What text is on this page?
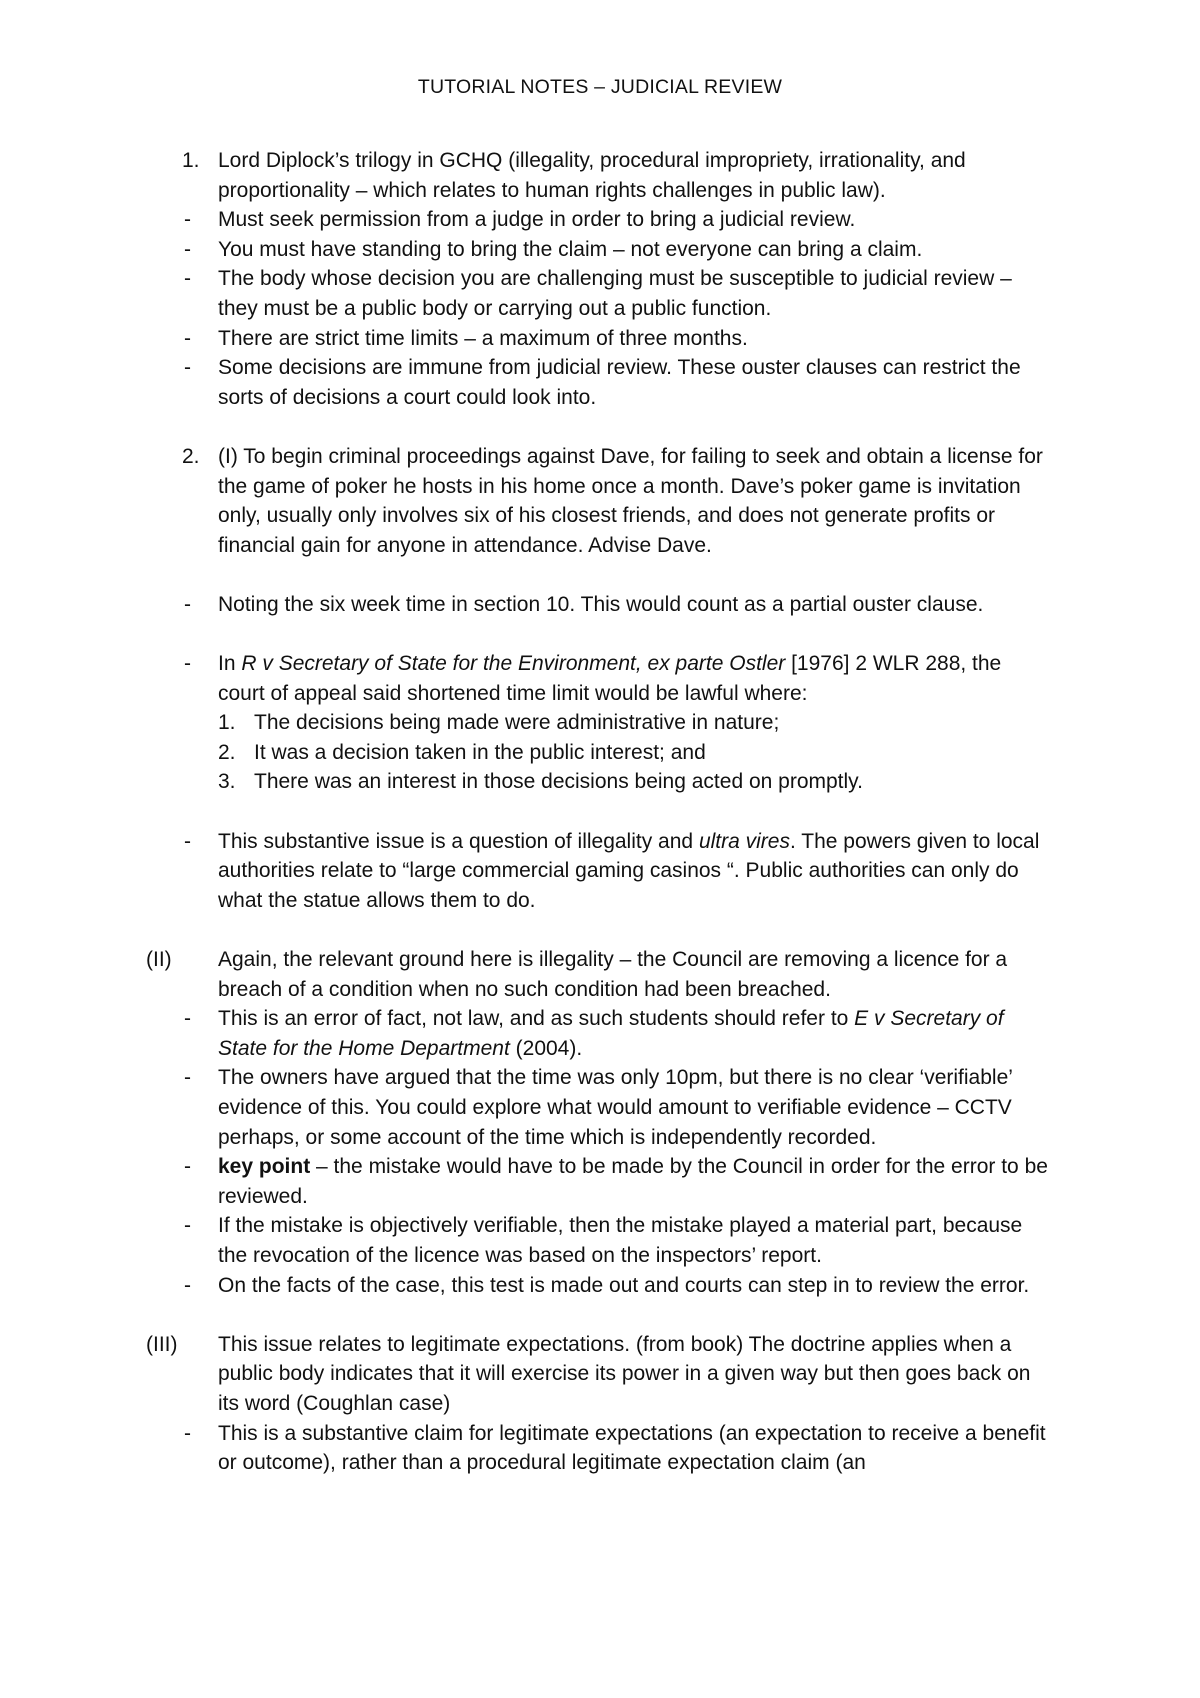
TUTORIAL NOTES – JUDICIAL REVIEW
1. Lord Diplock’s trilogy in GCHQ (illegality, procedural impropriety, irrationality, and proportionality – which relates to human rights challenges in public law).
- Must seek permission from a judge in order to bring a judicial review.
- You must have standing to bring the claim – not everyone can bring a claim.
- The body whose decision you are challenging must be susceptible to judicial review – they must be a public body or carrying out a public function.
- There are strict time limits – a maximum of three months.
- Some decisions are immune from judicial review. These ouster clauses can restrict the sorts of decisions a court could look into.
2. (I) To begin criminal proceedings against Dave, for failing to seek and obtain a license for the game of poker he hosts in his home once a month. Dave’s poker game is invitation only, usually only involves six of his closest friends, and does not generate profits or financial gain for anyone in attendance. Advise Dave.
- Noting the six week time in section 10. This would count as a partial ouster clause.
- In R v Secretary of State for the Environment, ex parte Ostler [1976] 2 WLR 288, the court of appeal said shortened time limit would be lawful where:
1. The decisions being made were administrative in nature;
2. It was a decision taken in the public interest; and
3. There was an interest in those decisions being acted on promptly.
- This substantive issue is a question of illegality and ultra vires. The powers given to local authorities relate to “large commercial gaming casinos “. Public authorities can only do what the statue allows them to do.
(II) Again, the relevant ground here is illegality – the Council are removing a licence for a breach of a condition when no such condition had been breached.
- This is an error of fact, not law, and as such students should refer to E v Secretary of State for the Home Department (2004).
- The owners have argued that the time was only 10pm, but there is no clear ‘verifiable’ evidence of this. You could explore what would amount to verifiable evidence – CCTV perhaps, or some account of the time which is independently recorded.
- key point – the mistake would have to be made by the Council in order for the error to be reviewed.
- If the mistake is objectively verifiable, then the mistake played a material part, because the revocation of the licence was based on the inspectors’ report.
- On the facts of the case, this test is made out and courts can step in to review the error.
(III) This issue relates to legitimate expectations. (from book) The doctrine applies when a public body indicates that it will exercise its power in a given way but then goes back on its word (Coughlan case)
- This is a substantive claim for legitimate expectations (an expectation to receive a benefit or outcome), rather than a procedural legitimate expectation claim (an
